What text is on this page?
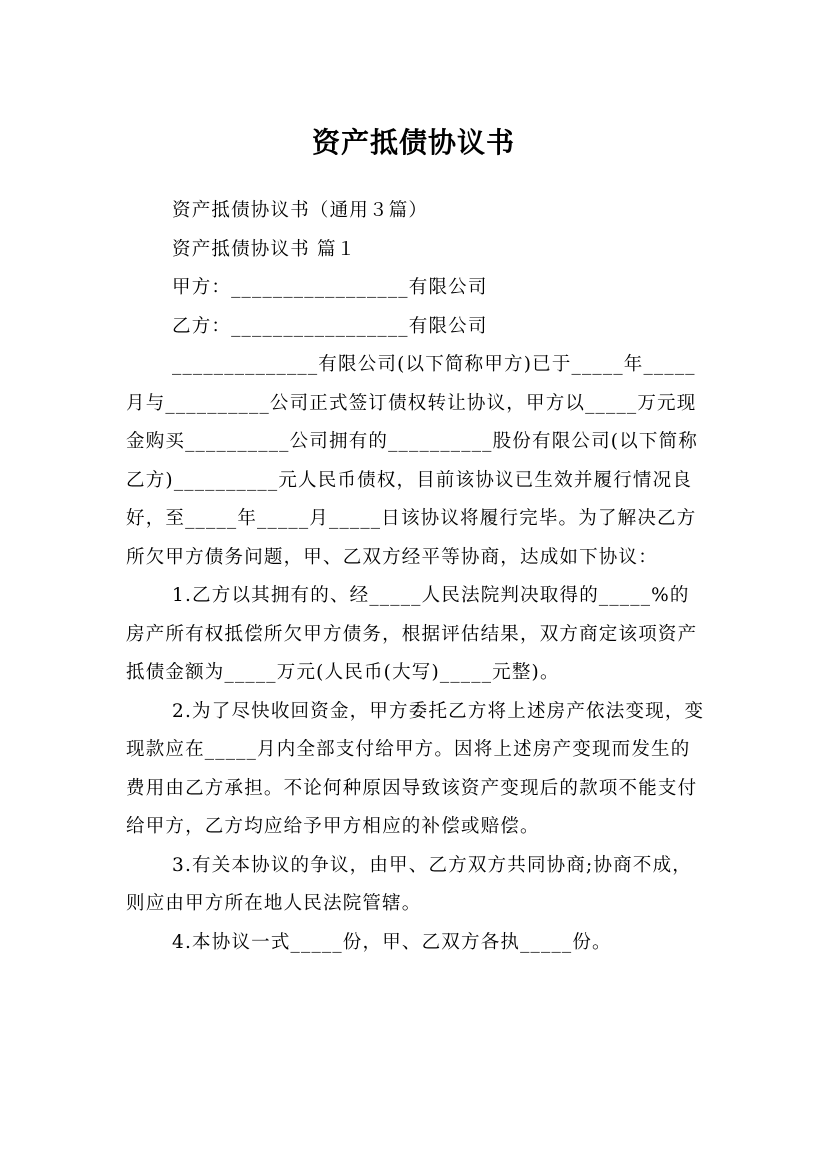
资产抵债协议书

资产抵债协议书（通用３篇）

资产抵债协议书 篇１

甲方：_________________有限公司

乙方：_________________有限公司

______________有限公司(以下简称甲方)已于_____年_____月与__________公司正式签订债权转让协议，甲方以_____万元现金购买__________公司拥有的__________股份有限公司(以下简称乙方)__________元人民币债权，目前该协议已生效并履行情况良好，至_____年_____月_____日该协议将履行完毕。为了解决乙方所欠甲方债务问题，甲、乙双方经平等协商，达成如下协议：

1.乙方以其拥有的、经_____人民法院判决取得的_____%的房产所有权抵偿所欠甲方债务，根据评估结果，双方商定该项资产抵债金额为_____万元(人民币(大写)_____元整)。

2.为了尽快收回资金，甲方委托乙方将上述房产依法变现，变现款应在_____月内全部支付给甲方。因将上述房产变现而发生的费用由乙方承担。不论何种原因导致该资产变现后的款项不能支付给甲方，乙方均应给予甲方相应的补偿或赔偿。

3.有关本协议的争议，由甲、乙方双方共同协商;协商不成，则应由甲方所在地人民法院管辖。

4.本协议一式_____份，甲、乙双方各执_____份。
